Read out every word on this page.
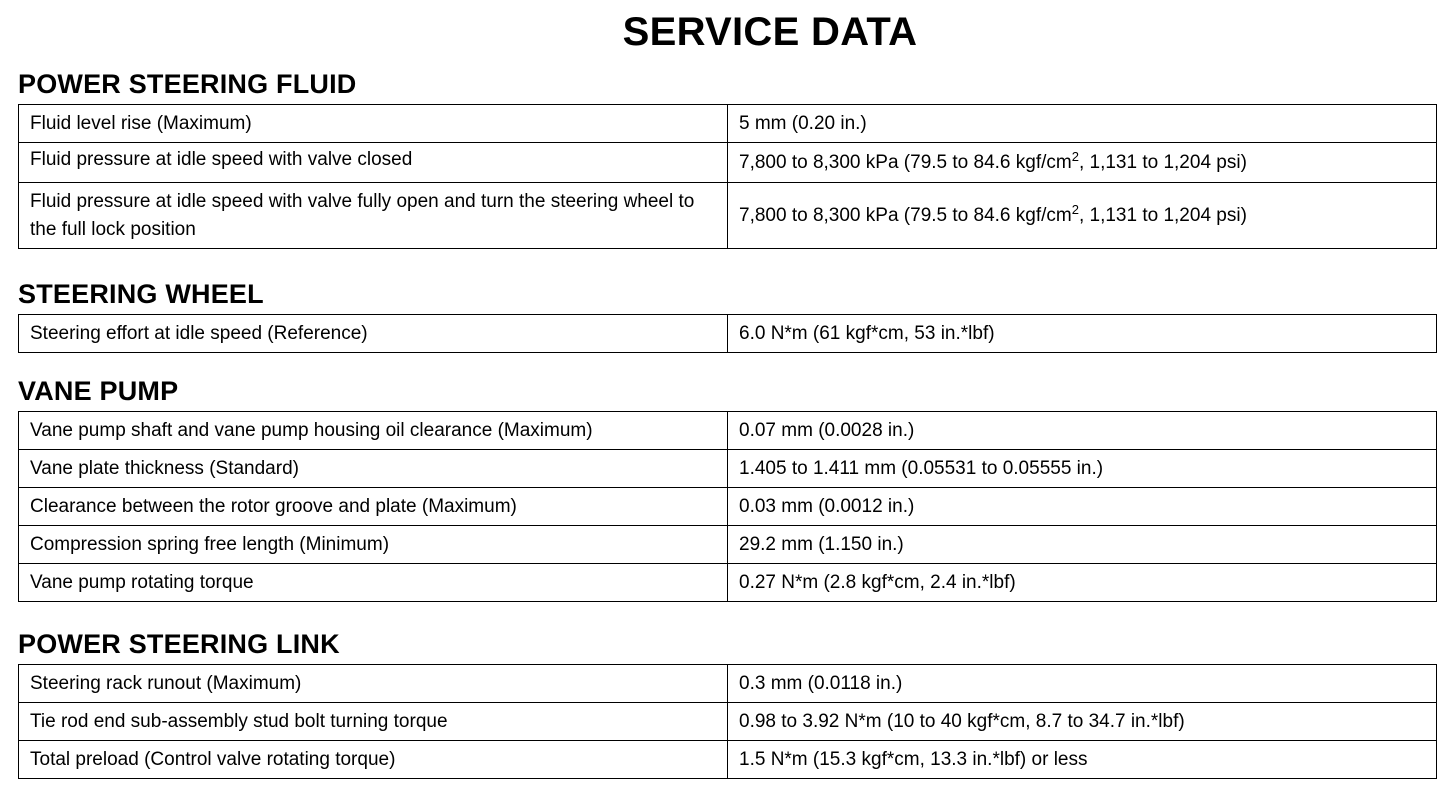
SERVICE DATA
POWER STEERING FLUID
Fluid level rise (Maximum)	5 mm (0.20 in.)
Fluid pressure at idle speed with valve closed	7,800 to 8,300 kPa (79.5 to 84.6 kgf/$cm^2$, 1,131 to 1,204 psi)
Fluid pressure at idle speed with valve fully open and turn the steering wheel to the full lock position	7,800 to 8,300 kPa (79.5 to 84.6 kgf/$cm^2$, 1,131 to 1,204 psi)
STEERING WHEEL
Steering effort at idle speed (Reference)	6.0 N*m (61 kgf*cm, 53 in.*lbf)
VANE PUMP
Vane pump shaft and vane pump housing oil clearance (Maximum)	0.07 mm (0.0028 in.)
Vane plate thickness (Standard)	1.405 to 1.411 mm (0.05531 to 0.05555 in.)
Clearance between the rotor groove and plate (Maximum)	0.03 mm (0.0012 in.)
Compression spring free length (Minimum)	29.2 mm (1.150 in.)
Vane pump rotating torque	0.27 N*m (2.8 kgf*cm, 2.4 in.*lbf)
POWER STEERING LINK
Steering rack runout (Maximum)	0.3 mm (0.0118 in.)
Tie rod end sub-assembly stud bolt turning torque	0.98 to 3.92 N*m (10 to 40 kgf*cm, 8.7 to 34.7 in.*lbf)
Total preload (Control valve rotating torque)	1.5 N*m (15.3 kgf*cm, 13.3 in.*lbf) or less
